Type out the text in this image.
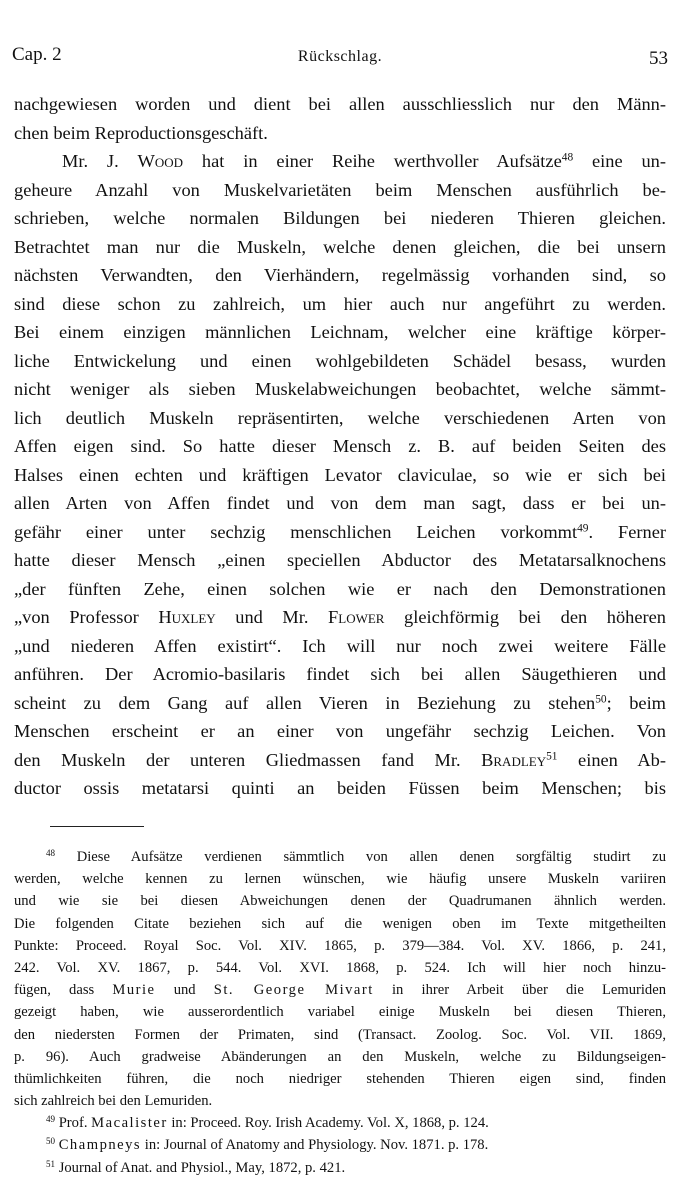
Cap. 2	Rückschlag.	53
nachgewiesen worden und dient bei allen ausschliesslich nur den Männ-
chen beim Reproductionsgeschäft.
Mr. J. Wood hat in einer Reihe werthvoller Aufsätze$^{48}$ eine un-
geheure Anzahl von Muskelvarietäten beim Menschen ausführlich be-
schrieben, welche normalen Bildungen bei niederen Thieren gleichen.
Betrachtet man nur die Muskeln, welche denen gleichen, die bei unsern
nächsten Verwandten, den Vierhändern, regelmässig vorhanden sind, so
sind diese schon zu zahlreich, um hier auch nur angeführt zu werden.
Bei einem einzigen männlichen Leichnam, welcher eine kräftige körper-
liche Entwickelung und einen wohlgebildeten Schädel besass, wurden
nicht weniger als sieben Muskelabweichungen beobachtet, welche sämmt-
lich deutlich Muskeln repräsentirten, welche verschiedenen Arten von
Affen eigen sind. So hatte dieser Mensch z. B. auf beiden Seiten des
Halses einen echten und kräftigen Levator claviculae, so wie er sich bei
allen Arten von Affen findet und von dem man sagt, dass er bei un-
gefähr einer unter sechzig menschlichen Leichen vorkommt$^{49}$. Ferner
hatte dieser Mensch „einen speciellen Abductor des Metatarsalknochens
„der fünften Zehe, einen solchen wie er nach den Demonstrationen
„von Professor Huxley und Mr. Flower gleichförmig bei den höheren
„und niederen Affen existirt“. Ich will nur noch zwei weitere Fälle
anführen. Der Acromio-basilaris findet sich bei allen Säugethieren und
scheint zu dem Gang auf allen Vieren in Beziehung zu stehen$^{50}$; beim
Menschen erscheint er an einer von ungefähr sechzig Leichen. Von
den Muskeln der unteren Gliedmassen fand Mr. Bradley$^{51}$ einen Ab-
ductor ossis metatarsi quinti an beiden Füssen beim Menschen; bis
$^{48}$ Diese Aufsätze verdienen sämmtlich von allen denen sorgfältig studirt zu
werden, welche kennen zu lernen wünschen, wie häufig unsere Muskeln variiren
und wie sie bei diesen Abweichungen denen der Quadrumanen ähnlich werden.
Die folgenden Citate beziehen sich auf die wenigen oben im Texte mitgetheilten
Punkte: Proceed. Royal Soc. Vol. XIV. 1865, p. 379—384. Vol. XV. 1866, p. 241,
242. Vol. XV. 1867, p. 544. Vol. XVI. 1868, p. 524. Ich will hier noch hinzu-
fügen, dass Murie und St. George Mivart in ihrer Arbeit über die Lemuriden
gezeigt haben, wie ausserordentlich variabel einige Muskeln bei diesen Thieren,
den niedersten Formen der Primaten, sind (Transact. Zoolog. Soc. Vol. VII. 1869,
p. 96). Auch gradweise Abänderungen an den Muskeln, welche zu Bildungseigen-
thümlichkeiten führen, die noch niedriger stehenden Thieren eigen sind, finden
sich zahlreich bei den Lemuriden.
$^{49}$ Prof. Macalister in: Proceed. Roy. Irish Academy. Vol. X, 1868, p. 124.
$^{50}$ Champneys in: Journal of Anatomy and Physiology. Nov. 1871. p. 178.
$^{51}$ Journal of Anat. and Physiol., May, 1872, p. 421.
